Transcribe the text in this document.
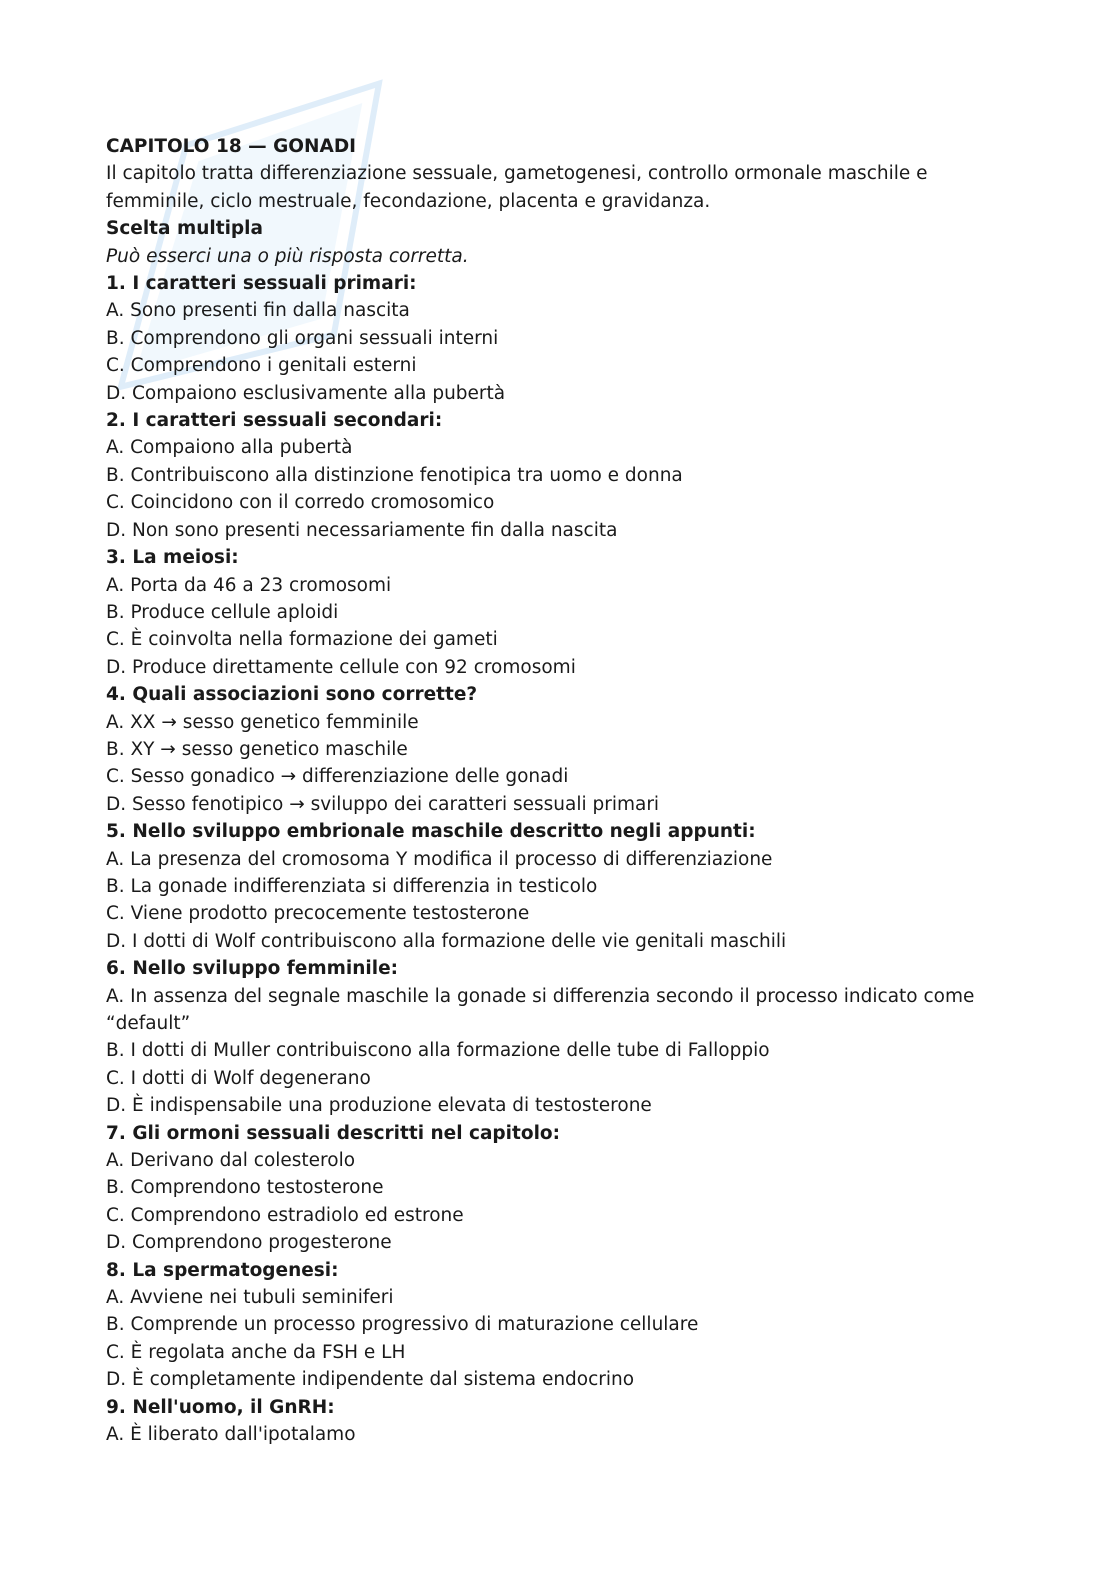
CAPITOLO 18 — GONADI

Il capitolo tratta differenziazione sessuale, gametogenesi, controllo ormonale maschile e femminile, ciclo mestruale, fecondazione, placenta e gravidanza.

Scelta multipla

Può esserci una o più risposta corretta.

1. I caratteri sessuali primari:

A. Sono presenti fin dalla nascita

B. Comprendono gli organi sessuali interni

C. Comprendono i genitali esterni

D. Compaiono esclusivamente alla pubertà

2. I caratteri sessuali secondari:

A. Compaiono alla pubertà

B. Contribuiscono alla distinzione fenotipica tra uomo e donna

C. Coincidono con il corredo cromosomico

D. Non sono presenti necessariamente fin dalla nascita

3. La meiosi:

A. Porta da 46 a 23 cromosomi

B. Produce cellule aploidi

C. È coinvolta nella formazione dei gameti

D. Produce direttamente cellule con 92 cromosomi

4. Quali associazioni sono corrette?

A. XX → sesso genetico femminile

B. XY → sesso genetico maschile

C. Sesso gonadico → differenziazione delle gonadi

D. Sesso fenotipico → sviluppo dei caratteri sessuali primari

5. Nello sviluppo embrionale maschile descritto negli appunti:

A. La presenza del cromosoma Y modifica il processo di differenziazione

B. La gonade indifferenziata si differenzia in testicolo

C. Viene prodotto precocemente testosterone

D. I dotti di Wolf contribuiscono alla formazione delle vie genitali maschili

6. Nello sviluppo femminile:

A. In assenza del segnale maschile la gonade si differenzia secondo il processo indicato come “default”

B. I dotti di Muller contribuiscono alla formazione delle tube di Falloppio

C. I dotti di Wolf degenerano

D. È indispensabile una produzione elevata di testosterone

7. Gli ormoni sessuali descritti nel capitolo:

A. Derivano dal colesterolo

B. Comprendono testosterone

C. Comprendono estradiolo ed estrone

D. Comprendono progesterone

8. La spermatogenesi:

A. Avviene nei tubuli seminiferi

B. Comprende un processo progressivo di maturazione cellulare

C. È regolata anche da FSH e LH

D. È completamente indipendente dal sistema endocrino

9. Nell'uomo, il GnRH:

A. È liberato dall'ipotalamo
